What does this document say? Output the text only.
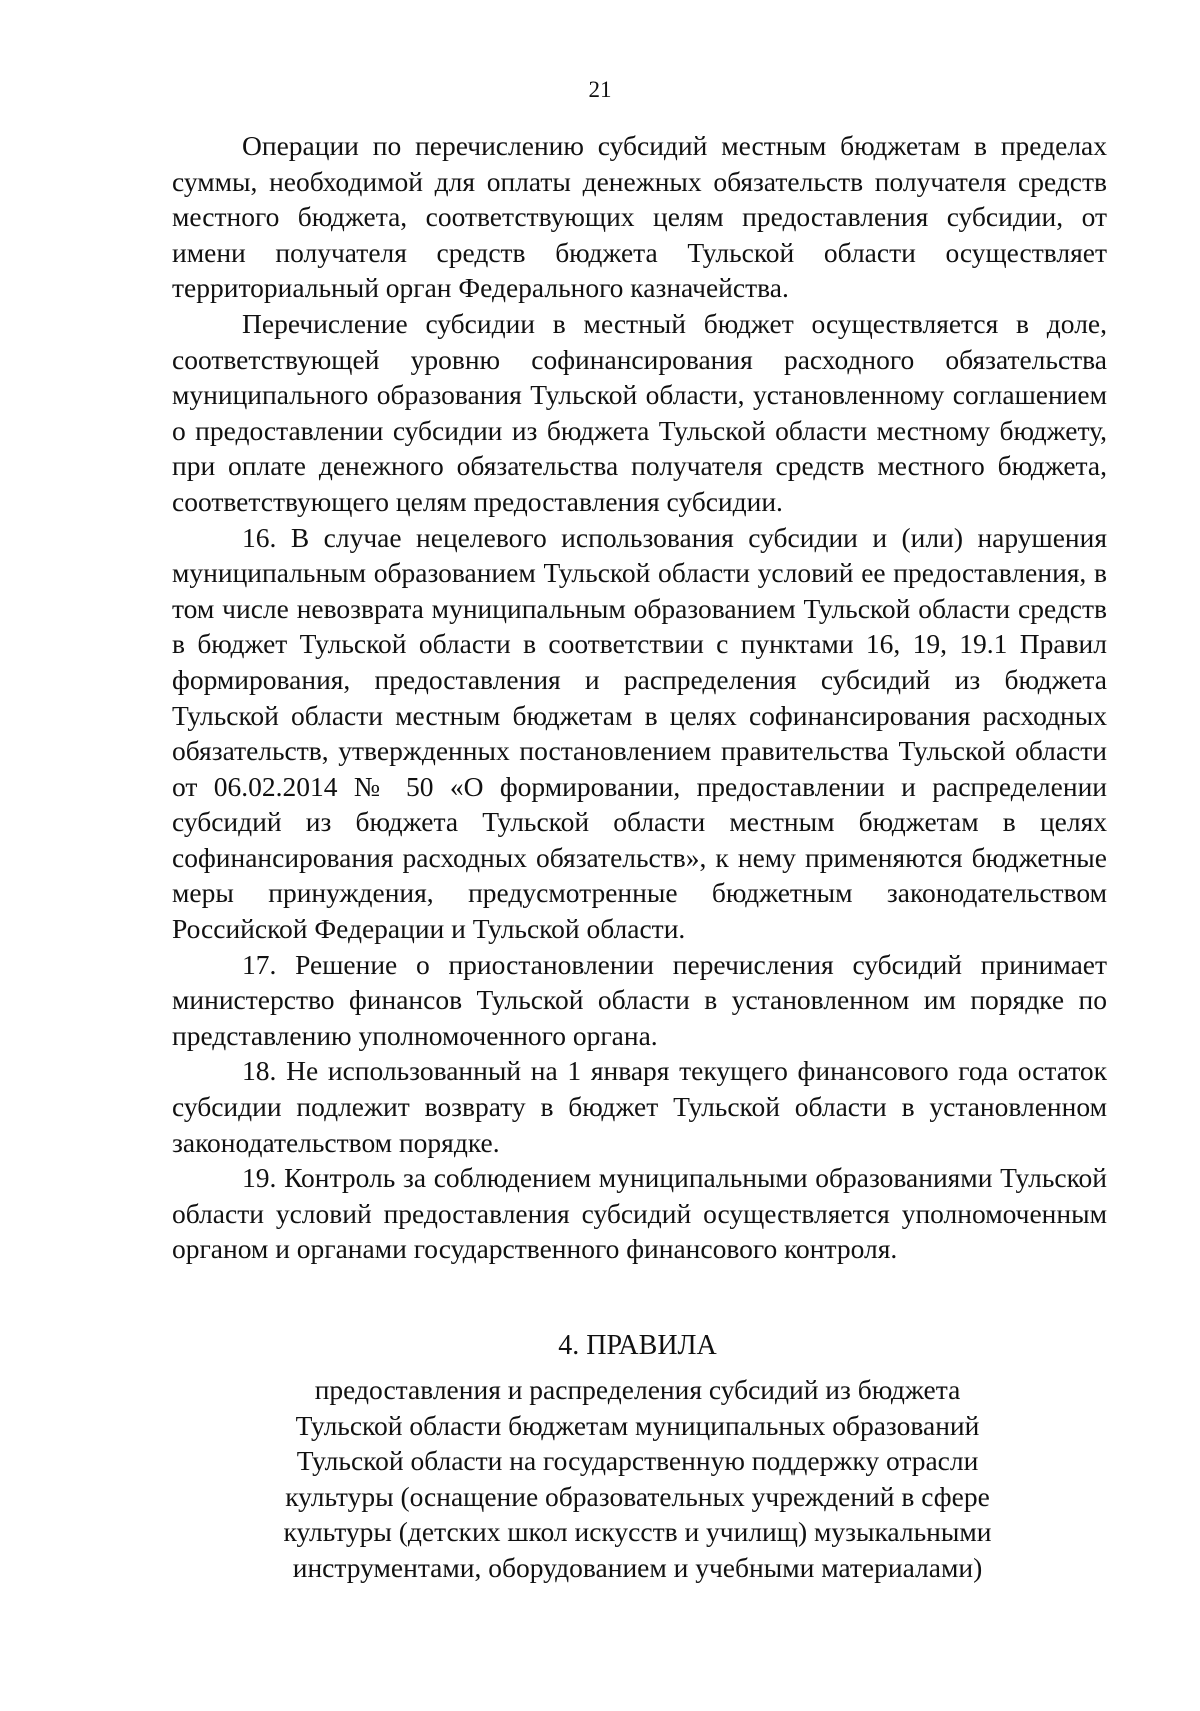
21

Операции по перечислению субсидий местным бюджетам в пределах суммы, необходимой для оплаты денежных обязательств получателя средств местного бюджета, соответствующих целям предоставления субсидии, от имени получателя средств бюджета Тульской области осуществляет территориальный орган Федерального казначейства.

Перечисление субсидии в местный бюджет осуществляется в доле, соответствующей уровню софинансирования расходного обязательства муниципального образования Тульской области, установленному соглашением о предоставлении субсидии из бюджета Тульской области местному бюджету, при оплате денежного обязательства получателя средств местного бюджета, соответствующего целям предоставления субсидии.

16. В случае нецелевого использования субсидии и (или) нарушения муниципальным образованием Тульской области условий ее предоставления, в том числе невозврата муниципальным образованием Тульской области средств в бюджет Тульской области в соответствии с пунктами 16, 19, 19.1 Правил формирования, предоставления и распределения субсидий из бюджета Тульской области местным бюджетам в целях софинансирования расходных обязательств, утвержденных постановлением правительства Тульской области от 06.02.2014 № 50 «О формировании, предоставлении и распределении субсидий из бюджета Тульской области местным бюджетам в целях софинансирования расходных обязательств», к нему применяются бюджетные меры принуждения, предусмотренные бюджетным законодательством Российской Федерации и Тульской области.

17. Решение о приостановлении перечисления субсидий принимает министерство финансов Тульской области в установленном им порядке по представлению уполномоченного органа.

18. Не использованный на 1 января текущего финансового года остаток субсидии подлежит возврату в бюджет Тульской области в установленном законодательством порядке.

19. Контроль за соблюдением муниципальными образованиями Тульской области условий предоставления субсидий осуществляется уполномоченным органом и органами государственного финансового контроля.

4. ПРАВИЛА
предоставления и распределения субсидий из бюджета
Тульской области бюджетам муниципальных образований
Тульской области на государственную поддержку отрасли
культуры (оснащение образовательных учреждений в сфере
культуры (детских школ искусств и училищ) музыкальными
инструментами, оборудованием и учебными материалами)
